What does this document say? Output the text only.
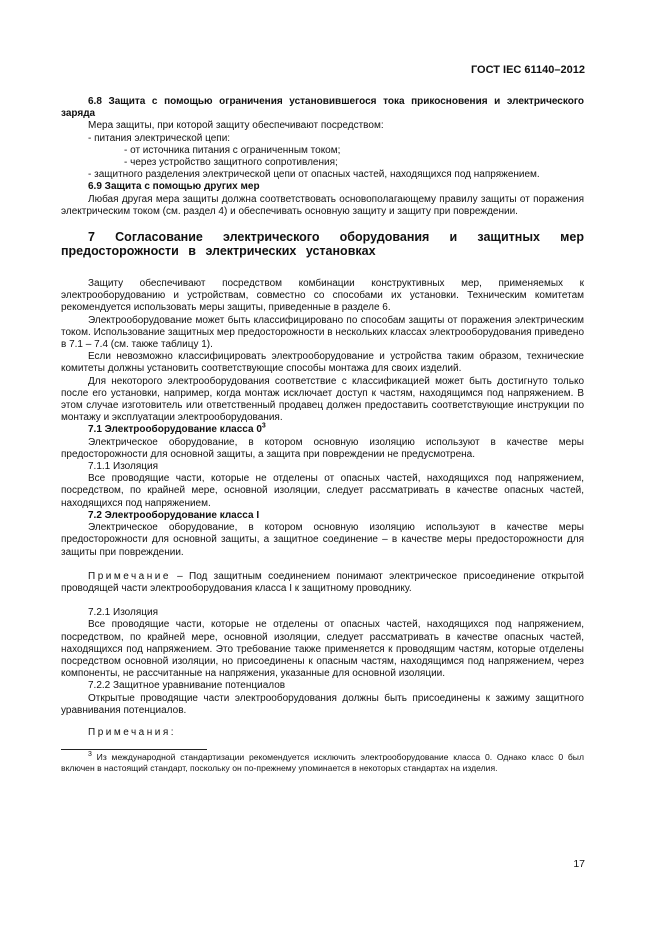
ГОСТ IEC 61140–2012

6.8 Защита с помощью ограничения установившегося тока прикосновения и электрического заряда

Мера защиты, при которой защиту обеспечивают посредством:

- питания электрической цепи:

- от источника питания с ограниченным током;

- через устройство защитного сопротивления;

- защитного разделения электрической цепи от опасных частей, находящихся под напряжением.

6.9 Защита с помощью других мер

Любая другая мера защиты должна соответствовать основополагающему правилу защиты от поражения электрическим током (см. раздел 4) и обеспечивать основную защиту и защиту при повреждении.

7 Согласование электрического оборудования и защитных мер предосторожности в электрических установках

Защиту обеспечивают посредством комбинации конструктивных мер, применяемых к электрооборудованию и устройствам, совместно со способами их установки. Техническим комитетам рекомендуется использовать меры защиты, приведенные в разделе 6.

Электрооборудование может быть классифицировано по способам защиты от поражения электрическим током. Использование защитных мер предосторожности в нескольких классах электрооборудования приведено в 7.1 – 7.4 (см. также таблицу 1).

Если невозможно классифицировать электрооборудование и устройства таким образом, технические комитеты должны установить соответствующие способы монтажа для своих изделий.

Для некоторого электрооборудования соответствие с классификацией может быть достигнуто только после его установки, например, когда монтаж исключает доступ к частям, находящимся под напряжением. В этом случае изготовитель или ответственный продавец должен предоставить соответствующие инструкции по монтажу и эксплуатации электрооборудования.

7.1 Электрооборудование класса $0^3$

Электрическое оборудование, в котором основную изоляцию используют в качестве меры предосторожности для основной защиты, а защита при повреждении не предусмотрена.

7.1.1 Изоляция

Все проводящие части, которые не отделены от опасных частей, находящихся под напряжением, посредством, по крайней мере, основной изоляции, следует рассматривать в качестве опасных частей, находящихся под напряжением.

7.2 Электрооборудование класса I

Электрическое оборудование, в котором основную изоляцию используют в качестве меры предосторожности для основной защиты, а защитное соединение – в качестве меры предосторожности для защиты при повреждении.

Примечание – Под защитным соединением понимают электрическое присоединение открытой проводящей части электрооборудования класса I к защитному проводнику.

7.2.1 Изоляция

Все проводящие части, которые не отделены от опасных частей, находящихся под напряжением, посредством, по крайней мере, основной изоляции, следует рассматривать в качестве опасных частей, находящихся под напряжением. Это требование также применяется к проводящим частям, которые отделены посредством основной изоляции, но присоединены к опасным частям, находящимся под напряжением, через компоненты, не рассчитанные на напряжения, указанные для основной изоляции.

7.2.2 Защитное уравнивание потенциалов

Открытые проводящие части электрооборудования должны быть присоединены к зажиму защитного уравнивания потенциалов.

Примечания:

$^3$ Из международной стандартизации рекомендуется исключить электрооборудование класса 0. Однако класс 0 был включен в настоящий стандарт, поскольку он по-прежнему упоминается в некоторых стандартах на изделия.

17
